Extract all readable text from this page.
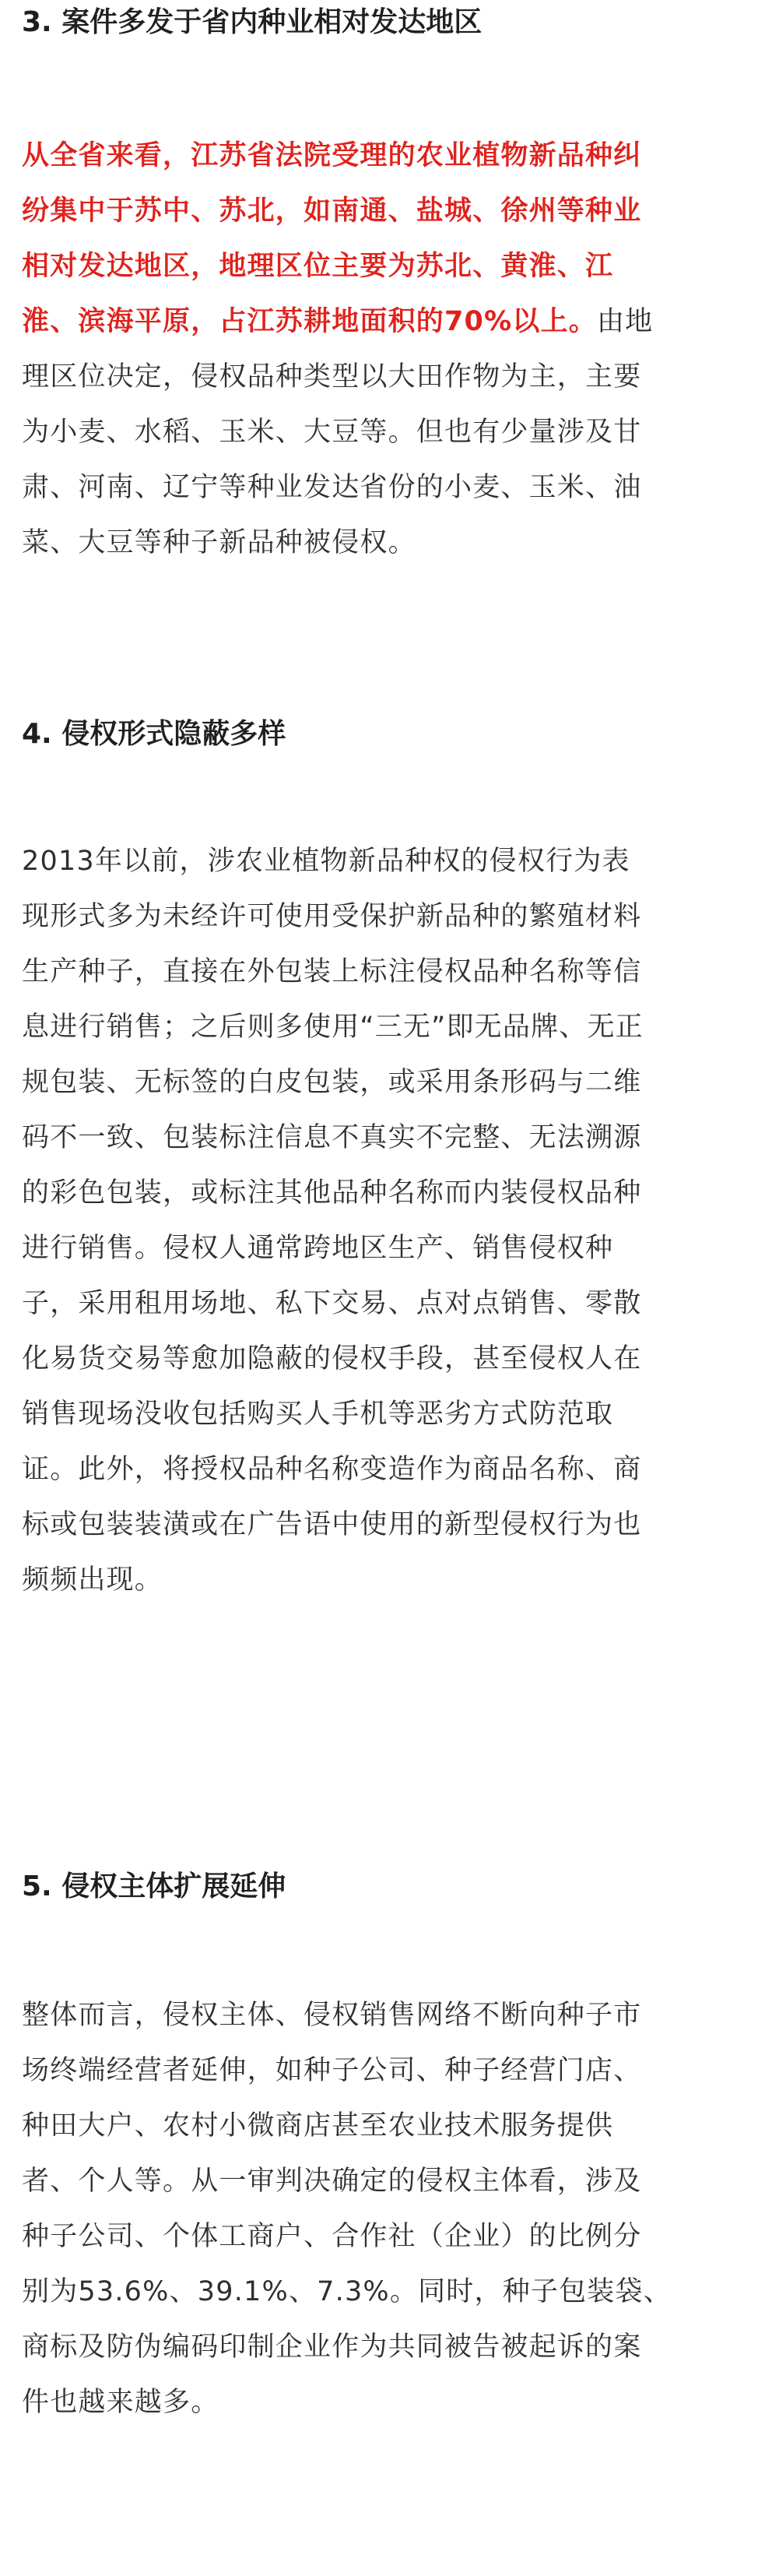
3. 案件多发于省内种业相对发达地区
从全省来看，江苏省法院受理的农业植物新品种纠
纷集中于苏中、苏北，如南通、盐城、徐州等种业
相对发达地区，地理区位主要为苏北、黄淮、江
淮、滨海平原，占江苏耕地面积的70%以上。由地
理区位决定，侵权品种类型以大田作物为主，主要
为小麦、水稻、玉米、大豆等。但也有少量涉及甘
肃、河南、辽宁等种业发达省份的小麦、玉米、油
菜、大豆等种子新品种被侵权。
4. 侵权形式隐蔽多样
2013年以前，涉农业植物新品种权的侵权行为表
现形式多为未经许可使用受保护新品种的繁殖材料
生产种子，直接在外包装上标注侵权品种名称等信
息进行销售；之后则多使用“三无”即无品牌、无正
规包装、无标签的白皮包装，或采用条形码与二维
码不一致、包装标注信息不真实不完整、无法溯源
的彩色包装，或标注其他品种名称而内装侵权品种
进行销售。侵权人通常跨地区生产、销售侵权种
子，采用租用场地、私下交易、点对点销售、零散
化易货交易等愈加隐蔽的侵权手段，甚至侵权人在
销售现场没收包括购买人手机等恶劣方式防范取
证。此外，将授权品种名称变造作为商品名称、商
标或包装装潢或在广告语中使用的新型侵权行为也
频频出现。
5. 侵权主体扩展延伸
整体而言，侵权主体、侵权销售网络不断向种子市
场终端经营者延伸，如种子公司、种子经营门店、
种田大户、农村小微商店甚至农业技术服务提供
者、个人等。从一审判决确定的侵权主体看，涉及
种子公司、个体工商户、合作社（企业）的比例分
别为53.6%、39.1%、7.3%。同时，种子包装袋、
商标及防伪编码印制企业作为共同被告被起诉的案
件也越来越多。
